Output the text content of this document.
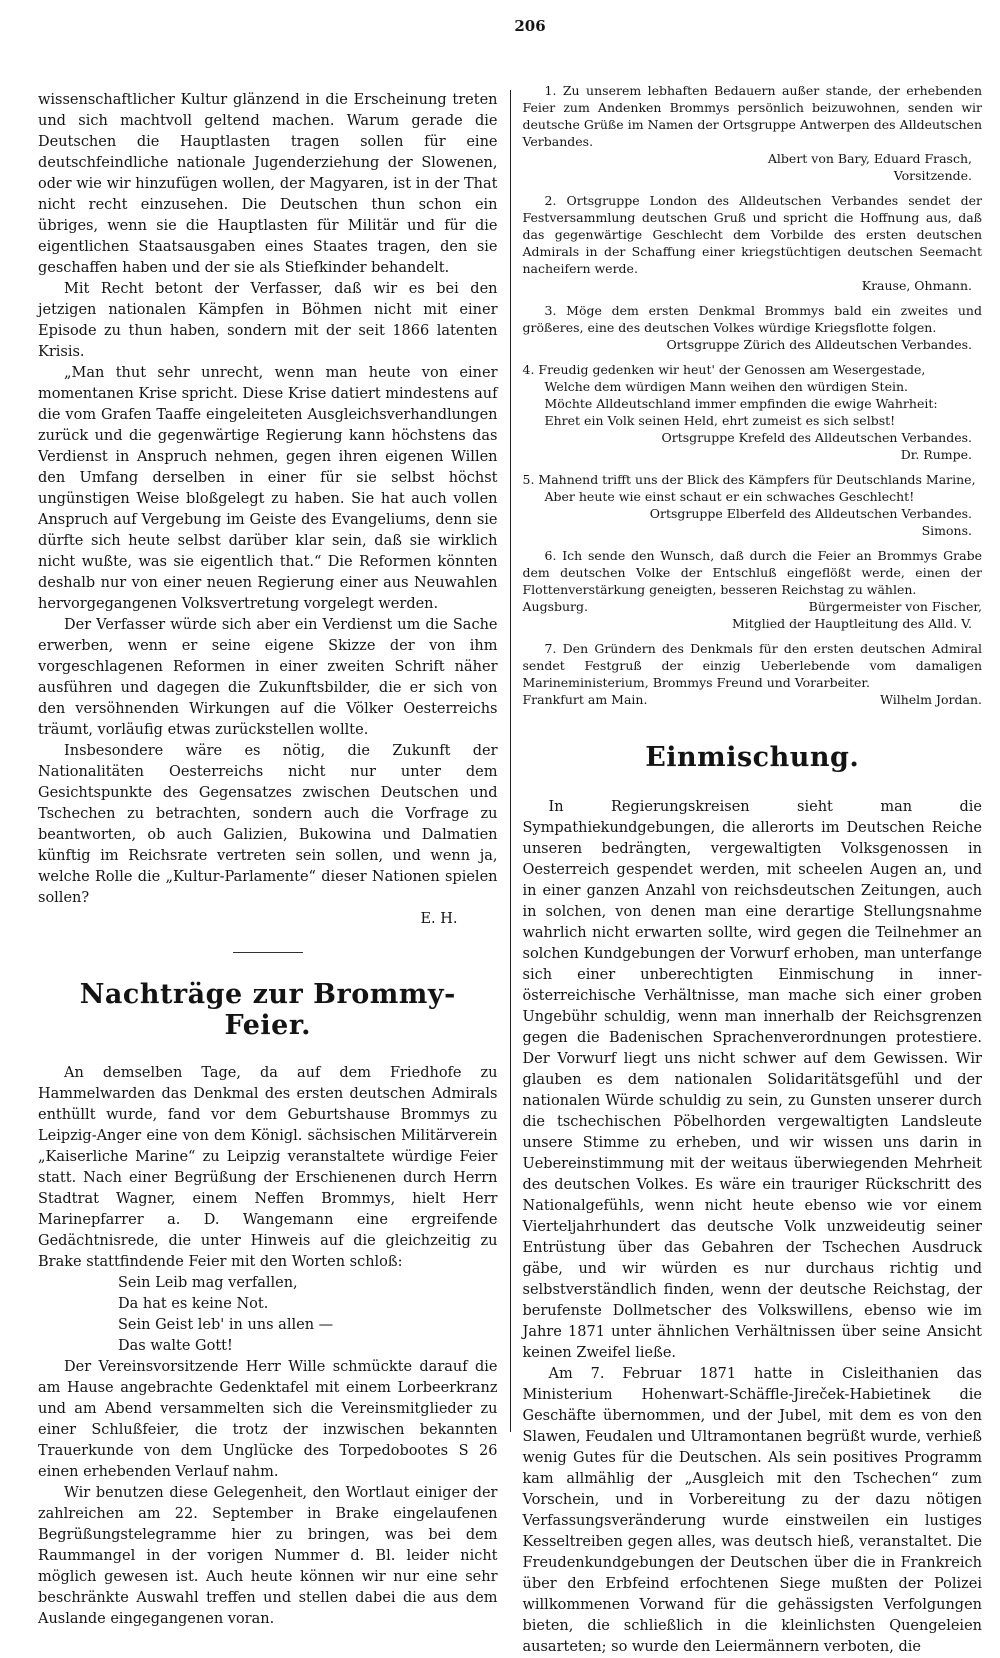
206

wissenschaftlicher Kultur glänzend in die Erscheinung treten und sich machtvoll geltend machen. Warum gerade die Deutschen die Hauptlasten tragen sollen für eine deutschfeindliche nationale Jugenderziehung der Slowenen, oder wie wir hinzufügen wollen, der Magyaren, ist in der That nicht recht einzusehen. Die Deutschen thun schon ein übriges, wenn sie die Hauptlasten für Militär und für die eigentlichen Staatsausgaben eines Staates tragen, den sie geschaffen haben und der sie als Stiefkinder behandelt.

Mit Recht betont der Verfasser, daß wir es bei den jetzigen nationalen Kämpfen in Böhmen nicht mit einer Episode zu thun haben, sondern mit der seit 1866 latenten Krisis.

„Man thut sehr unrecht, wenn man heute von einer momentanen Krise spricht. Diese Krise datiert mindestens auf die vom Grafen Taaffe eingeleiteten Ausgleichsverhandlungen zurück und die gegenwärtige Regierung kann höchstens das Verdienst in Anspruch nehmen, gegen ihren eigenen Willen den Umfang derselben in einer für sie selbst höchst ungünstigen Weise bloßgelegt zu haben. Sie hat auch vollen Anspruch auf Vergebung im Geiste des Evangeliums, denn sie dürfte sich heute selbst darüber klar sein, daß sie wirklich nicht wußte, was sie eigentlich that.“ Die Reformen könnten deshalb nur von einer neuen Regierung einer aus Neuwahlen hervorgegangenen Volksvertretung vorgelegt werden.

Der Verfasser würde sich aber ein Verdienst um die Sache erwerben, wenn er seine eigene Skizze der von ihm vorgeschlagenen Reformen in einer zweiten Schrift näher ausführen und dagegen die Zukunftsbilder, die er sich von den versöhnenden Wirkungen auf die Völker Oesterreichs träumt, vorläufig etwas zurückstellen wollte.

Insbesondere wäre es nötig, die Zukunft der Nationalitäten Oesterreichs nicht nur unter dem Gesichtspunkte des Gegensatzes zwischen Deutschen und Tschechen zu betrachten, sondern auch die Vorfrage zu beantworten, ob auch Galizien, Bukowina und Dalmatien künftig im Reichsrate vertreten sein sollen, und wenn ja, welche Rolle die „Kultur-Parlamente“ dieser Nationen spielen sollen?

E. H.
Nachträge zur Brommy-Feier.

An demselben Tage, da auf dem Friedhofe zu Hammelwarden das Denkmal des ersten deutschen Admirals enthüllt wurde, fand vor dem Geburtshause Brommys zu Leipzig-Anger eine von dem Königl. sächsischen Militärverein „Kaiserliche Marine“ zu Leipzig veranstaltete würdige Feier statt. Nach einer Begrüßung der Erschienenen durch Herrn Stadtrat Wagner, einem Neffen Brommys, hielt Herr Marinepfarrer a. D. Wangemann eine ergreifende Gedächtnisrede, die unter Hinweis auf die gleichzeitig zu Brake stattfindende Feier mit den Worten schloß:

Sein Leib mag verfallen,
Da hat es keine Not.
Sein Geist leb' in uns allen —
Das walte Gott!

Der Vereinsvorsitzende Herr Wille schmückte darauf die am Hause angebrachte Gedenktafel mit einem Lorbeerkranz und am Abend versammelten sich die Vereinsmitglieder zu einer Schlußfeier, die trotz der inzwischen bekannten Trauerkunde von dem Unglücke des Torpedobootes S 26 einen erhebenden Verlauf nahm.

Wir benutzen diese Gelegenheit, den Wortlaut einiger der zahlreichen am 22. September in Brake eingelaufenen Begrüßungstelegramme hier zu bringen, was bei dem Raummangel in der vorigen Nummer d. Bl. leider nicht möglich gewesen ist. Auch heute können wir nur eine sehr beschränkte Auswahl treffen und stellen dabei die aus dem Auslande eingegangenen voran.

1. Zu unserem lebhaften Bedauern außer stande, der erhebenden Feier zum Andenken Brommys persönlich beizuwohnen, senden wir deutsche Grüße im Namen der Ortsgruppe Antwerpen des Alldeutschen Verbandes.
Albert von Bary, Eduard Frasch,
Vorsitzende.
2. Ortsgruppe London des Alldeutschen Verbandes sendet der Festversammlung deutschen Gruß und spricht die Hoffnung aus, daß das gegenwärtige Geschlecht dem Vorbilde des ersten deutschen Admirals in der Schaffung einer kriegstüchtigen deutschen Seemacht nacheifern werde.
Krause, Ohmann.
3. Möge dem ersten Denkmal Brommys bald ein zweites und größeres, eine des deutschen Volkes würdige Kriegsflotte folgen.
Ortsgruppe Zürich des Alldeutschen Verbandes.
4. Freudig gedenken wir heut' der Genossen am Wesergestade,
Welche dem würdigen Mann weihen den würdigen Stein.
Möchte Alldeutschland immer empfinden die ewige Wahrheit:
Ehret ein Volk seinen Held, ehrt zumeist es sich selbst!
Ortsgruppe Krefeld des Alldeutschen Verbandes.
Dr. Rumpe.
5. Mahnend trifft uns der Blick des Kämpfers für Deutschlands Marine,
Aber heute wie einst schaut er ein schwaches Geschlecht!
Ortsgruppe Elberfeld des Alldeutschen Verbandes.
Simons.
6. Ich sende den Wunsch, daß durch die Feier an Brommys Grabe dem deutschen Volke der Entschluß eingeflößt werde, einen der Flottenverstärkung geneigten, besseren Reichstag zu wählen.
Augsburg.	Bürgermeister von Fischer,
Mitglied der Hauptleitung des Alld. V.
7. Den Gründern des Denkmals für den ersten deutschen Admiral sendet Festgruß der einzig Ueberlebende vom damaligen Marineministerium, Brommys Freund und Vorarbeiter.
Frankfurt am Main.	Wilhelm Jordan.
Einmischung.

In Regierungskreisen sieht man die Sympathiekundgebungen, die allerorts im Deutschen Reiche unseren bedrängten, vergewaltigten Volksgenossen in Oesterreich gespendet werden, mit scheelen Augen an, und in einer ganzen Anzahl von reichsdeutschen Zeitungen, auch in solchen, von denen man eine derartige Stellungsnahme wahrlich nicht erwarten sollte, wird gegen die Teilnehmer an solchen Kundgebungen der Vorwurf erhoben, man unterfange sich einer unberechtigten Einmischung in inner-österreichische Verhältnisse, man mache sich einer groben Ungebühr schuldig, wenn man innerhalb der Reichsgrenzen gegen die Badenischen Sprachenverordnungen protestiere. Der Vorwurf liegt uns nicht schwer auf dem Gewissen. Wir glauben es dem nationalen Solidaritätsgefühl und der nationalen Würde schuldig zu sein, zu Gunsten unserer durch die tschechischen Pöbelhorden vergewaltigten Landsleute unsere Stimme zu erheben, und wir wissen uns darin in Uebereinstimmung mit der weitaus überwiegenden Mehrheit des deutschen Volkes. Es wäre ein trauriger Rückschritt des Nationalgefühls, wenn nicht heute ebenso wie vor einem Vierteljahrhundert das deutsche Volk unzweideutig seiner Entrüstung über das Gebahren der Tschechen Ausdruck gäbe, und wir würden es nur durchaus richtig und selbstverständlich finden, wenn der deutsche Reichstag, der berufenste Dollmetscher des Volkswillens, ebenso wie im Jahre 1871 unter ähnlichen Verhältnissen über seine Ansicht keinen Zweifel ließe.

Am 7. Februar 1871 hatte in Cisleithanien das Ministerium Hohenwart-Schäffle-Jireček-Habietinek die Geschäfte übernommen, und der Jubel, mit dem es von den Slawen, Feudalen und Ultramontanen begrüßt wurde, verhieß wenig Gutes für die Deutschen. Als sein positives Programm kam allmählig der „Ausgleich mit den Tschechen“ zum Vorschein, und in Vorbereitung zu der dazu nötigen Verfassungsveränderung wurde einstweilen ein lustiges Kesseltreiben gegen alles, was deutsch hieß, veranstaltet. Die Freudenkundgebungen der Deutschen über die in Frankreich über den Erbfeind erfochtenen Siege mußten der Polizei willkommenen Vorwand für die gehässigsten Verfolgungen bieten, die schließlich in die kleinlichsten Quengeleien ausarteten; so wurde den Leiermännern verboten, die
